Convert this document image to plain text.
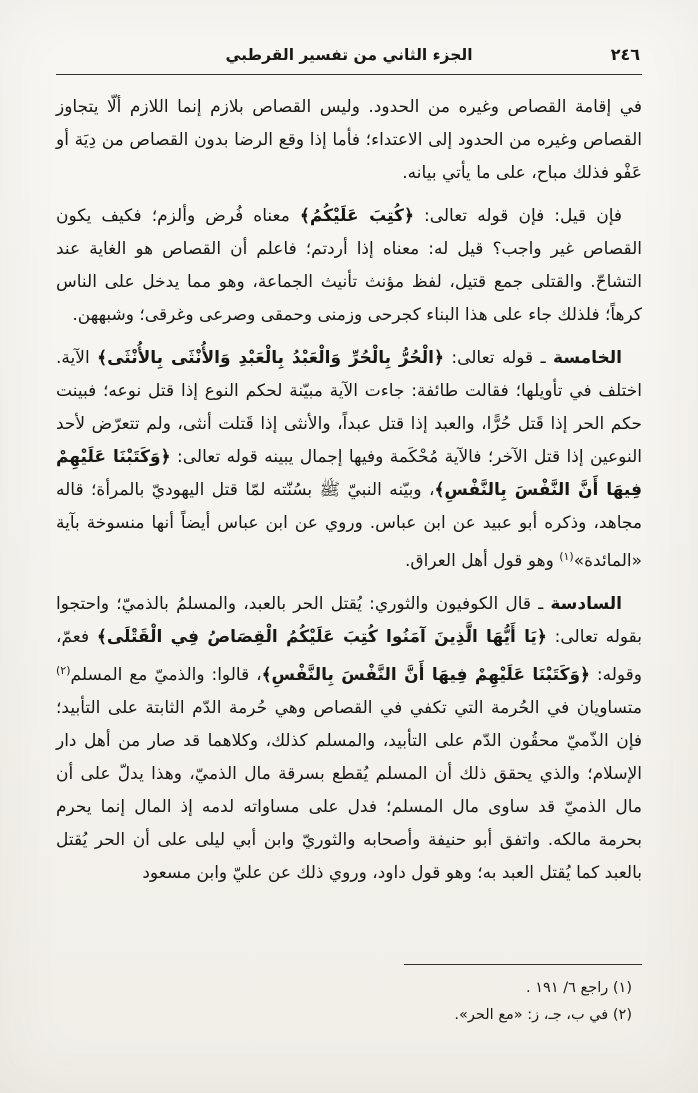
الجزء الثاني من تفسير القرطبي	٢٤٦

في إقامة القصاص وغيره من الحدود. وليس القصاص بلازم إنما اللازم ألّا يتجاوز القصاص وغيره من الحدود إلى الاعتداء؛ فأما إذا وقع الرضا بدون القصاص من دِيَة أو عَفْو فذلك مباح، على ما يأتي بيانه.

فإن قيل: فإن قوله تعالى: ﴿كُتِبَ عَلَيْكُمُ﴾ معناه فُرض وألزم؛ فكيف يكون القصاص غير واجب؟ قيل له: معناه إذا أردتم؛ فاعلم أن القصاص هو الغاية عند التشاحّ. والقتلى جمع قتيل، لفظ مؤنث تأنيث الجماعة، وهو مما يدخل على الناس كرهاً؛ فلذلك جاء على هذا البناء كجرحى وزمنى وحمقى وصرعى وغرقى؛ وشبههن.

الخامسة ـ قوله تعالى: ﴿الْحُرُّ بِالْحُرِّ وَالْعَبْدُ بِالْعَبْدِ وَالأُنْثَى بِالأُنْثَى﴾ الآية. اختلف في تأويلها؛ فقالت طائفة: جاءت الآية مبيّنة لحكم النوع إذا قتل نوعه؛ فبينت حكم الحر إذا قَتل حُرًّا، والعبد إذا قتل عبداً، والأنثى إذا قَتلت أنثى، ولم تتعرّض لأحد النوعين إذا قتل الآخر؛ فالآية مُحْكَمة وفيها إجمال يبينه قوله تعالى: ﴿وَكَتَبْنَا عَلَيْهِمْ فِيهَا أَنَّ النَّفْسَ بِالنَّفْسِ﴾، وبيّنه النبيّ ﷺ بسُنّته لمّا قتل اليهوديّ بالمرأة؛ قاله مجاهد، وذكره أبو عبيد عن ابن عباس. وروي عن ابن عباس أيضاً أنها منسوخة بآية «المائدة»$^{(١)}$ وهو قول أهل العراق.

السادسة ـ قال الكوفيون والثوري: يُقتل الحر بالعبد، والمسلمُ بالذميّ؛ واحتجوا بقوله تعالى: ﴿يَا أَيُّهَا الَّذِينَ آمَنُوا كُتِبَ عَلَيْكُمُ الْقِصَاصُ فِي الْقَتْلَى﴾ فعمّ، وقوله: ﴿وَكَتَبْنَا عَلَيْهِمْ فِيهَا أَنَّ النَّفْسَ بِالنَّفْسِ﴾، قالوا: والذميّ مع المسلم$^{(٢)}$ متساويان في الحُرمة التي تكفي في القصاص وهي حُرمة الدّم الثابتة على التأبيد؛ فإن الذّميّ محقُون الدّم على التأبيد، والمسلم كذلك، وكلاهما قد صار من أهل دار الإسلام؛ والذي يحقق ذلك أن المسلم يُقطع بسرقة مال الذميّ، وهذا يدلّ على أن مال الذميّ قد ساوى مال المسلم؛ فدل على مساواته لدمه إذ المال إنما يحرم بحرمة مالكه. واتفق أبو حنيفة وأصحابه والثوريّ وابن أبي ليلى على أن الحر يُقتل بالعبد كما يُقتل العبد به؛ وهو قول داود، وروي ذلك عن عليّ وابن مسعود

(١) راجع ٦/ ١٩١ .
(٢) في ب، جـ، ز: «مع الحر».
